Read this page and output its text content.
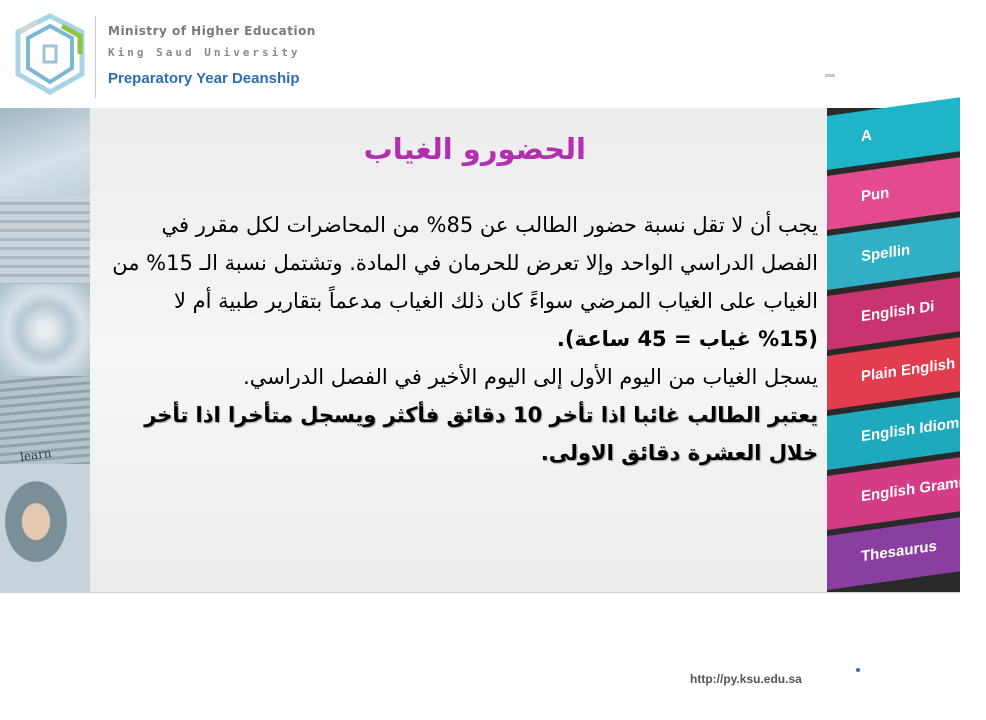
Ministry of Higher Education
King Saud University
Preparatory Year Deanship
learn
الحضورو الغياب

يجب أن لا تقل نسبة حضور الطالب عن 85% من المحاضرات لكل مقرر في الفصل الدراسي الواحد وإلا تعرض للحرمان في المادة. وتشتمل نسبة الـ 15% من الغياب على الغياب المرضي سواءً كان ذلك الغياب مدعماً بتقارير طبية أم لا (15% غياب = 45 ساعة).

يسجل الغياب من اليوم الأول إلى اليوم الأخير في الفصل الدراسي.

يعتبر الطالب غائبا اذا تأخر 10 دقائق فأكثر ويسجل متأخرا اذا تأخر خلال العشرة دقائق الاولى.

A
Pun
Spellin
English Di
Plain English
English Idioms
English Grammar
Thesaurus
http://py.ksu.edu.sa
